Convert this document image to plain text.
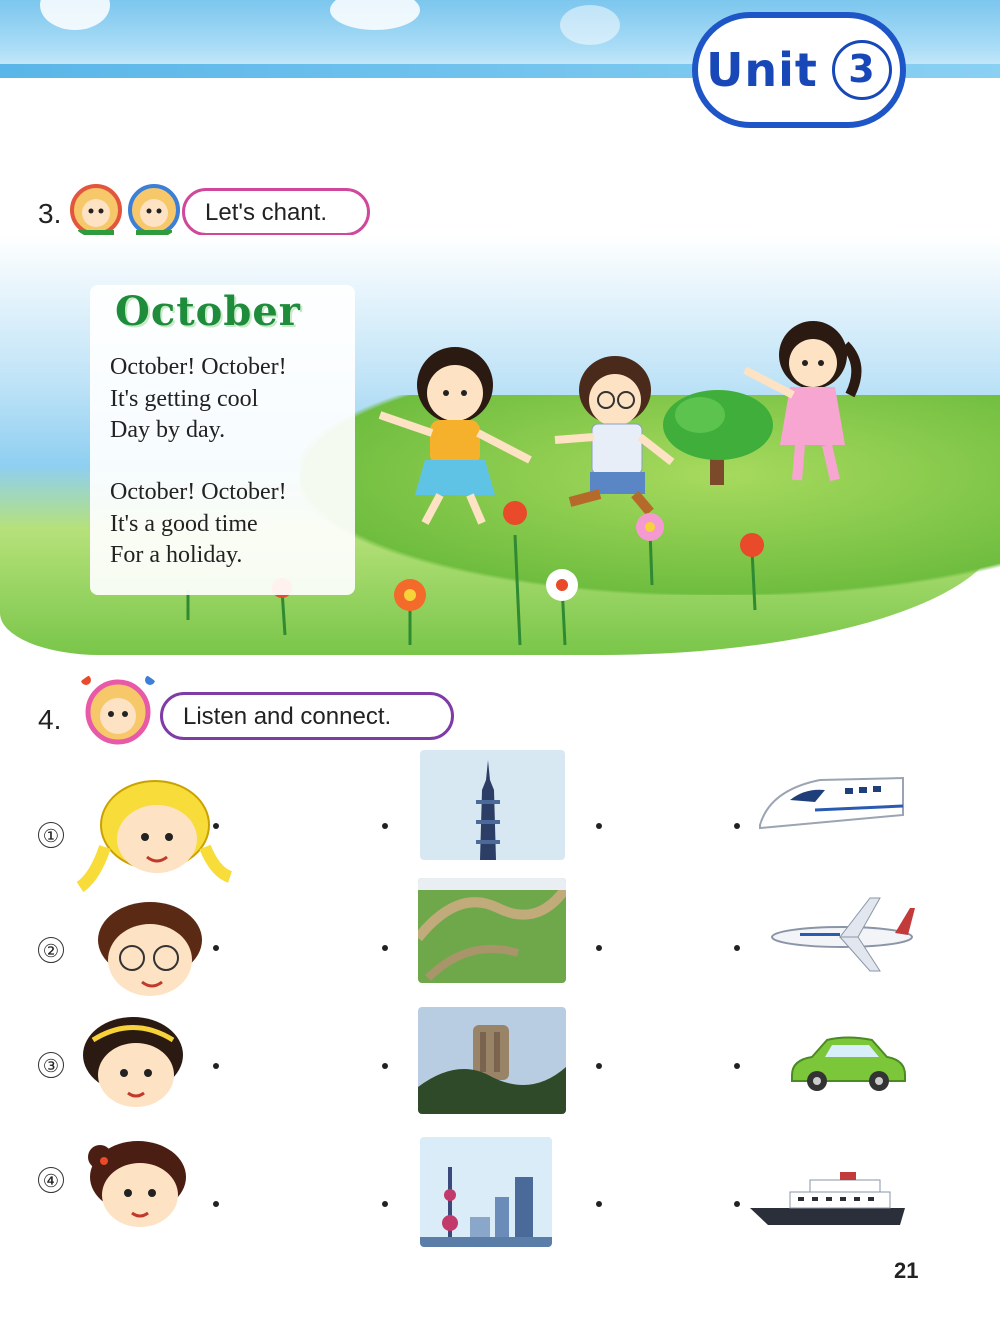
Unit 3
3.	Let's chant.
October
October! October!
It's getting cool
Day by day.
October! October!
It's a good time
For a holiday.
4.	Listen and connect.
①
②
③
④
21
